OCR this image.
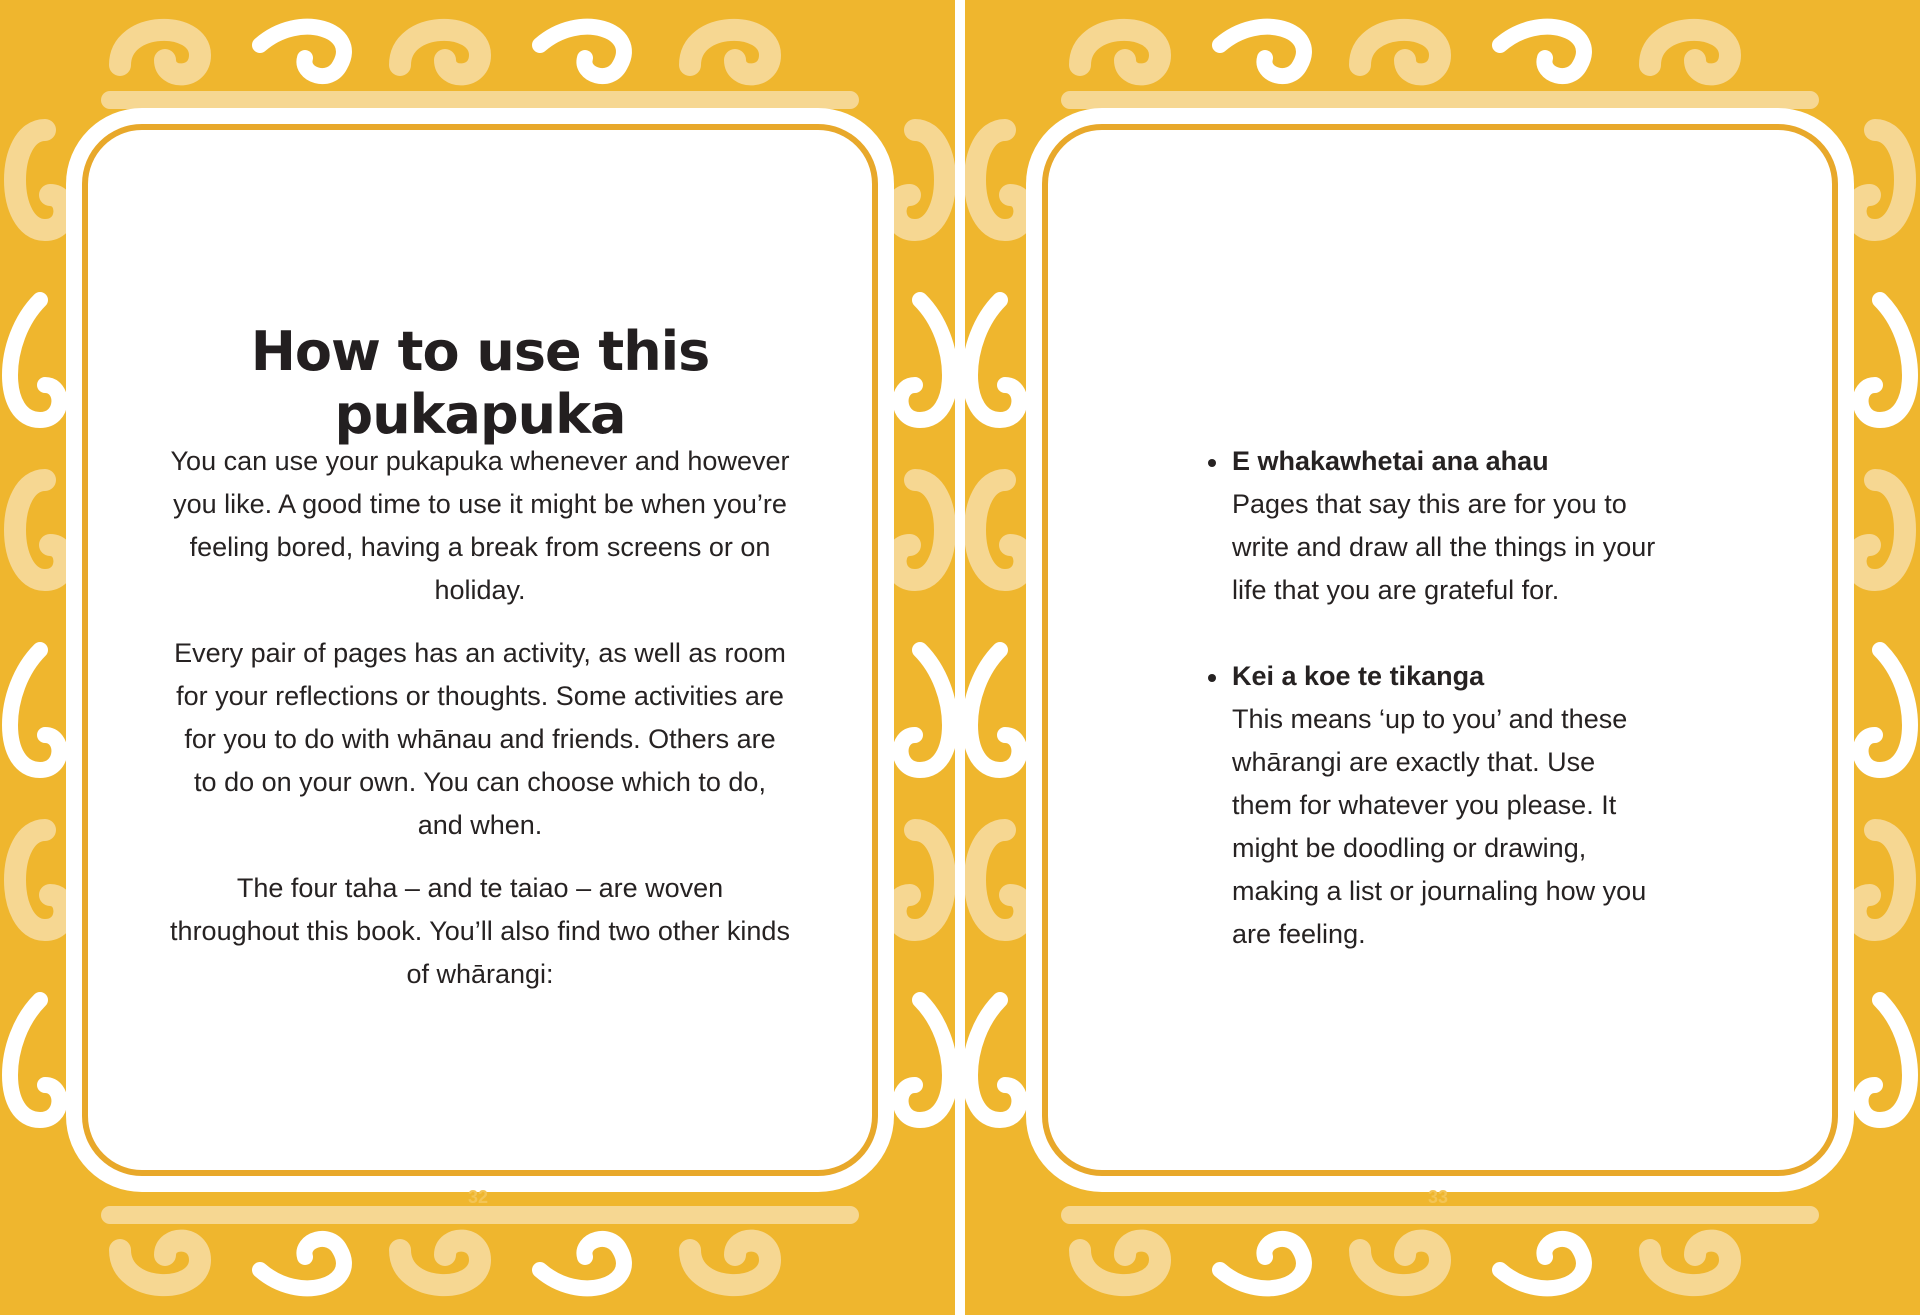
How to use this pukapuka

You can use your pukapuka whenever and however you like. A good time to use it might be when you’re feeling bored, having a break from screens or on holiday.

Every pair of pages has an activity, as well as room for your reflections or thoughts. Some activities are for you to do with whānau and friends. Others are to do on your own. You can choose which to do, and when.

The four taha – and te taiao – are woven throughout this book. You’ll also find two other kinds of whārangi:

32
E whakawhetai ana ahau
Pages that say this are for you to write and draw all the things in your life that you are grateful for.
Kei a koe te tikanga
This means ‘up to you’ and these whārangi are exactly that. Use them for whatever you please. It might be doodling or drawing, making a list or journaling how you are feeling.
33
